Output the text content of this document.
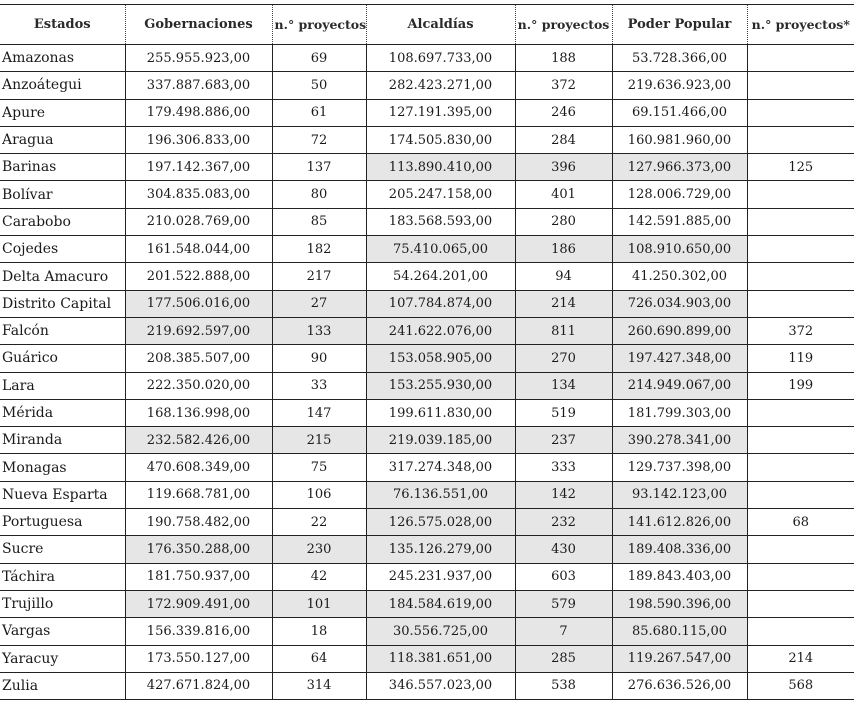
Estados	Gobernaciones	n.° proyectos	Alcaldías	n.° proyectos	Poder Popular	n.° proyectos*
Amazonas	255.955.923,00	69	108.697.733,00	188	53.728.366,00	
Anzoátegui	337.887.683,00	50	282.423.271,00	372	219.636.923,00	
Apure	179.498.886,00	61	127.191.395,00	246	69.151.466,00	
Aragua	196.306.833,00	72	174.505.830,00	284	160.981.960,00	
Barinas	197.142.367,00	137	113.890.410,00	396	127.966.373,00	125
Bolívar	304.835.083,00	80	205.247.158,00	401	128.006.729,00	
Carabobo	210.028.769,00	85	183.568.593,00	280	142.591.885,00	
Cojedes	161.548.044,00	182	75.410.065,00	186	108.910.650,00	
Delta Amacuro	201.522.888,00	217	54.264.201,00	94	41.250.302,00	
Distrito Capital	177.506.016,00	27	107.784.874,00	214	726.034.903,00	
Falcón	219.692.597,00	133	241.622.076,00	811	260.690.899,00	372
Guárico	208.385.507,00	90	153.058.905,00	270	197.427.348,00	119
Lara	222.350.020,00	33	153.255.930,00	134	214.949.067,00	199
Mérida	168.136.998,00	147	199.611.830,00	519	181.799.303,00	
Miranda	232.582.426,00	215	219.039.185,00	237	390.278.341,00	
Monagas	470.608.349,00	75	317.274.348,00	333	129.737.398,00	
Nueva Esparta	119.668.781,00	106	76.136.551,00	142	93.142.123,00	
Portuguesa	190.758.482,00	22	126.575.028,00	232	141.612.826,00	68
Sucre	176.350.288,00	230	135.126.279,00	430	189.408.336,00	
Táchira	181.750.937,00	42	245.231.937,00	603	189.843.403,00	
Trujillo	172.909.491,00	101	184.584.619,00	579	198.590.396,00	
Vargas	156.339.816,00	18	30.556.725,00	7	85.680.115,00	
Yaracuy	173.550.127,00	64	118.381.651,00	285	119.267.547,00	214
Zulia	427.671.824,00	314	346.557.023,00	538	276.636.526,00	568
